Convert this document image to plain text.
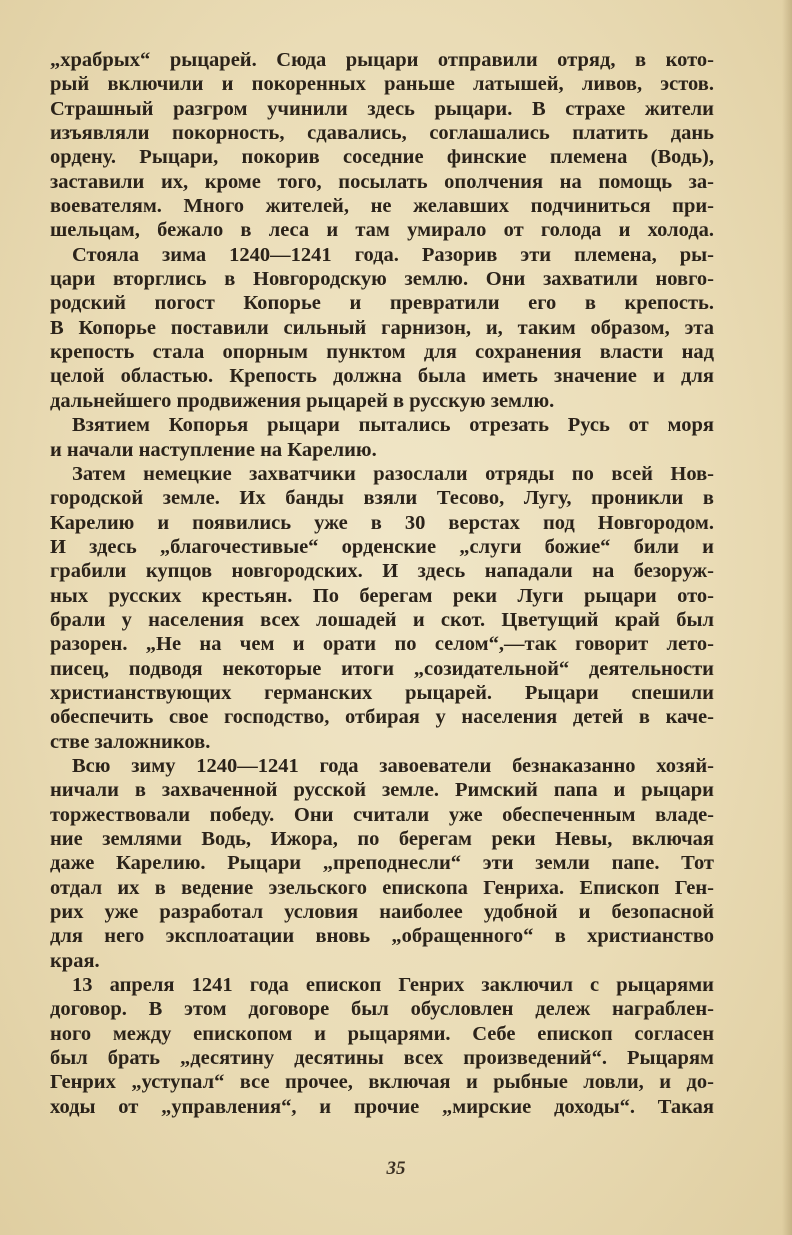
„храбрых“ рыцарей. Сюда рыцари отправили отряд, в кото-
рый включили и покоренных раньше латышей, ливов, эстов.
Страшный разгром учинили здесь рыцари. В страхе жители
изъявляли покорность, сдавались, соглашались платить дань
ордену. Рыцари, покорив соседние финские племена (Водь),
заставили их, кроме того, посылать ополчения на помощь за-
воевателям. Много жителей, не желавших подчиниться при-
шельцам, бежало в леса и там умирало от голода и холода.
Стояла зима 1240—1241 года. Разорив эти племена, ры-
цари вторглись в Новгородскую землю. Они захватили новго-
родский погост Копорье и превратили его в крепость.
В Копорье поставили сильный гарнизон, и, таким образом, эта
крепость стала опорным пунктом для сохранения власти над
целой областью. Крепость должна была иметь значение и для
дальнейшего продвижения рыцарей в русскую землю.
Взятием Копорья рыцари пытались отрезать Русь от моря
и начали наступление на Карелию.
Затем немецкие захватчики разослали отряды по всей Нов-
городской земле. Их банды взяли Тесово, Лугу, проникли в
Карелию и появились уже в 30 верстах под Новгородом.
И здесь „благочестивые“ орденские „слуги божие“ били и
грабили купцов новгородских. И здесь нападали на безоруж-
ных русских крестьян. По берегам реки Луги рыцари ото-
брали у населения всех лошадей и скот. Цветущий край был
разорен. „Не на чем и орати по селом“,—так говорит лето-
писец, подводя некоторые итоги „созидательной“ деятельности
христианствующих германских рыцарей. Рыцари спешили
обеспечить свое господство, отбирая у населения детей в каче-
стве заложников.
Всю зиму 1240—1241 года завоеватели безнаказанно хозяй-
ничали в захваченной русской земле. Римский папа и рыцари
торжествовали победу. Они считали уже обеспеченным владе-
ние землями Водь, Ижора, по берегам реки Невы, включая
даже Карелию. Рыцари „преподнесли“ эти земли папе. Тот
отдал их в ведение эзельского епископа Генриха. Епископ Ген-
рих уже разработал условия наиболее удобной и безопасной
для него эксплоатации вновь „обращенного“ в христианство
края.
13 апреля 1241 года епископ Генрих заключил с рыцарями
договор. В этом договоре был обусловлен дележ награблен-
ного между епископом и рыцарями. Себе епископ согласен
был брать „десятину десятины всех произведений“. Рыцарям
Генрих „уступал“ все прочее, включая и рыбные ловли, и до-
ходы от „управления“, и прочие „мирские доходы“. Такая
35
